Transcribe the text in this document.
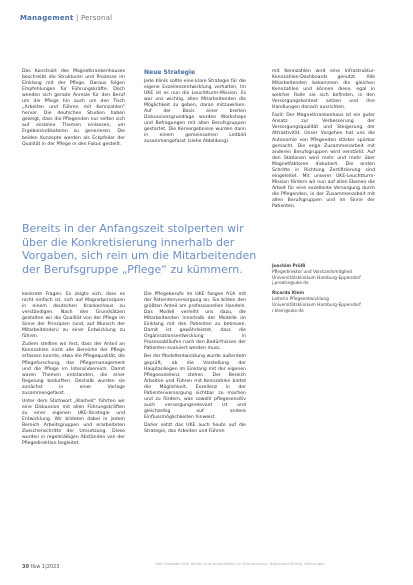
Management | Personal

Das Konstrukt des Magnetkrankenhauses beschreibt die Strukturen und Prozesse im Einklang mit der Pflege. Daraus folgen Empfehlungen für Führungskräfte. Doch wenden sich gerade Anreize für den Beruf um die Pflege hin auch um den Tisch „Arbeiten und Führen mit Kennzahlen“ hervor. Die deutschen Studien haben gezeigt, dass die Pflegenden nur selten sich auf einzelne Themen einlassen, um Ergebnisindikatoren zu generieren. Die beiden Konzepte werden als Eckpfeiler der Qualität in der Pflege in den Fokus gestellt.

Neue Strategie

Jede Klinik sollte eine klare Strategie für die eigene Exzellenzentwicklung vorhalten. Im UKE ist es nun die Leuchtturm-Mission. Es war uns wichtig, allen Mitarbeitenden die Möglichkeit zu geben, daran mitzuwirken. Auf der Basis einer breiten Diskussionsgrundlage wurden Workshops und Befragungen mit allen Berufsgruppen gestartet. Die Kernergebnisse wurden dann in einem gemeinsamen Leitbild zusammengefasst (siehe Abbildung).

mit Kennzahlen wird eine Infrastruktur-Kennzahlen-Dashboards genutzt. Alle Mitarbeitenden bekommen die gleichen Kennzahlen und können diese, egal in welcher Rolle sie sich befinden, in den Versorgungskontext setzen und ihre Handlungen danach ausrichten.

Fazit: Der Magnetkrankenhaus ist ein guter Ansatz zur Verbesserung der Versorgungsqualität und Steigerung der Attraktivität. Unser Vorgehen hat uns die Autonomie von Pflegenden stärker spürbar gemacht. Die enge Zusammenarbeit mit anderen Berufsgruppen wird verstärkt. Auf den Stationen wird mehr und mehr über Magnetfaktoren diskutiert. Die ersten Schritte in Richtung Zertifizierung sind eingeleitet. Mit unserer UKE-Leuchtturm-Mission fördern wir nun auf allen Ebenen die Arbeit für eine exzellente Versorgung durch die Pflegenden, in der Zusammenarbeit mit allen Berufsgruppen und im Sinne der Patienten.

Bereits in der Anfangszeit stolperten wir über die Konkretisierung innerhalb der Vorgaben, sich rein um die Mitarbeitenden der Berufsgruppe „Pflege“ zu kümmern.	Joachim Prölß
Pflegedirektor und Vorstandsmitglied
Universitätsklinikum Hamburg-Eppendorf
j.proelss@uke.de
Ricarda Klein
Leiterin Pflegeentwicklung
Universitätsklinikum Hamburg-Eppendorf
r.klein@uke.de

konkrete Fragen. Es zeigte sich, dass es nicht einfach ist, sich auf Magnetprinzipien in einem deutschen Krankenhaus zu verständigen. Nach den Grundsätzen gestalten wir die Qualität von der Pflege im Sinne der Prinzipien (und, auf Wunsch der Mitarbeitenden) zu einer Entwicklung zu führen.

Zudem stellten wir fest, dass der Anteil an Kennzahlen nicht alle Bereiche der Pflege erfassen konnte, etwa die Pflegequalität, die Pflegeforschung, das Pflegemanagement und die Pflege im Intensivbereich. Damit waren Themen entstanden, die einer Regelung bedurften. Deshalb wurden sie zunächst in einer Vorlage zusammengefasst.

Unter dem Stichwort „Klarheit“ führten wir eine Diskussion mit allen Führungskräften zu einer eigenen UKE-Strategie und Entwicklung. Wir bildeten dabei in jedem Bereich Arbeitsgruppen und erarbeiteten Zwischenschritte der Umsetzung. Diese wurden in regelmäßigen Abständen von der Pflegedirektion begleitet.

Die Pflegeberufe im UKE fangen früh mit der Patientenversorgung an. Sie bilden den größten Anteil am professionellen Handeln. Das Modell verleiht uns dazu, die Mitarbeitenden innerhalb der Modelle im Einklang mit den Patienten zu betreuen. Damit ist gewährleistet, dass die Organisationsentwicklung in Prozessabläufen nach den Bedürfnissen der Patienten evaluiert werden muss.

Bei der Modellentwicklung wurde außerdem geprüft, ob die Vorstellung der Hauptanliegen im Einklang mit der eigenen Pflegeexzellenz stehen. Der Bereich Arbeiten und Führen mit Kennzahlen bietet die Möglichkeit, Exzellenz in der Patientenversorgung sichtbar zu machen und zu fördern, was sowohl pflegesensitiv auch versorgungsrelevant ist und gleichzeitig auf andere Einflussmöglichkeiten hinweist.

Daher setzt das UKE auch heute auf die Strategie, das Arbeiten und Führen

30 f&w 1|2023	Heft-Ausgabe f&w führen und wirtschaften im Krankenhaus, Bibliomed-Verlag, Melsungen
